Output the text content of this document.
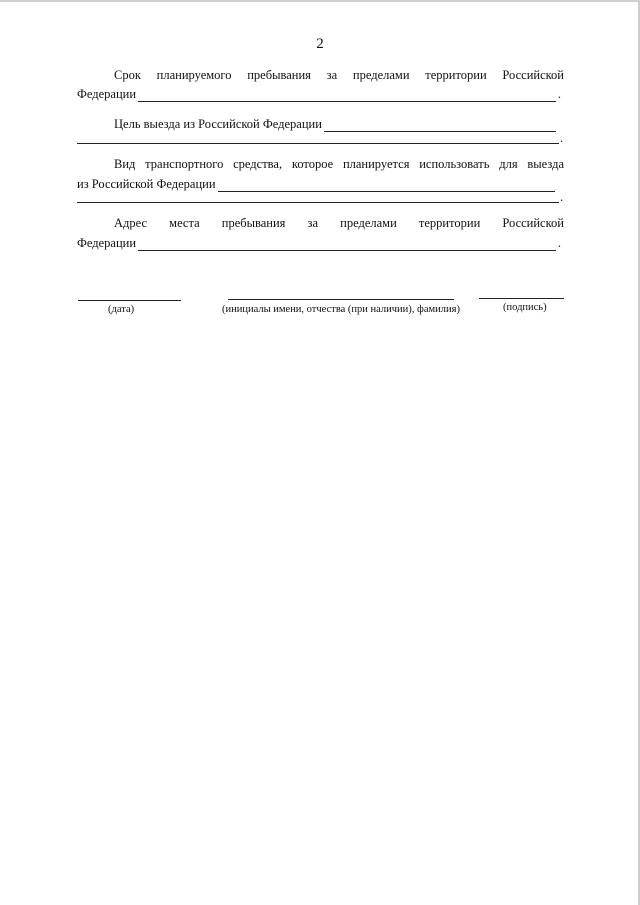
2
Срок планируемого пребывания за пределами территории Российской
Федерации	.
Цель выезда из Российской Федерации
.
Вид транспортного средства, которое планируется использовать для выезда
из Российской Федерации
.
Адрес места пребывания за пределами территории Российской
Федерации	.
(дата)	(инициалы имени, отчества (при наличии), фамилия)	(подпись)
